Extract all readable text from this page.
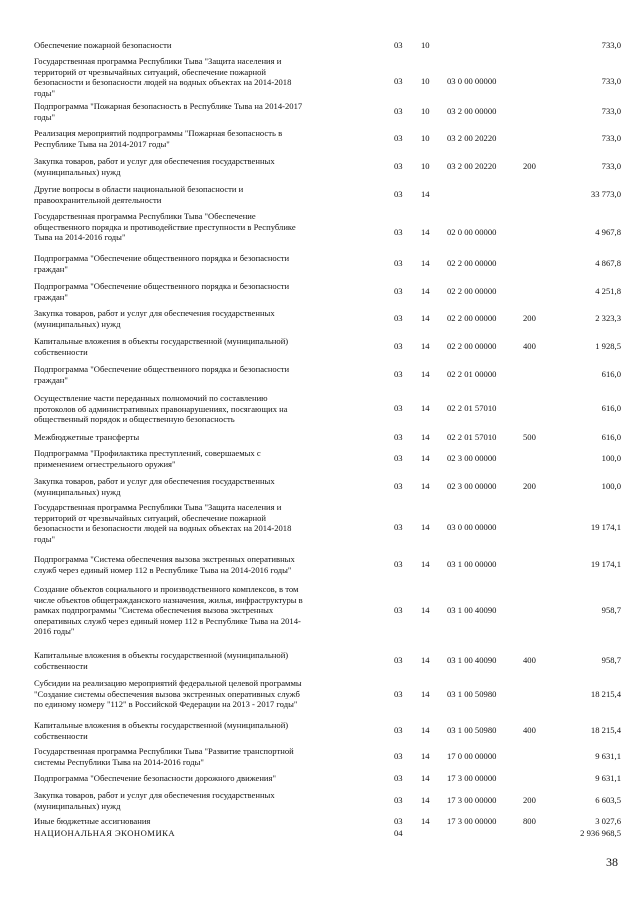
Обеспечение пожарной безопасности	03	10	733,0
Государственная программа Республики Тыва "Защита населения и
территорий от чрезвычайных ситуаций, обеспечение пожарной
безопасности и безопасности людей на водных объектах на 2014-2018
годы"
03	10	03 0 00 00000	733,0
Подпрограмма "Пожарная безопасность в Республике Тыва на 2014-2017
годы"
03	10	03 2 00 00000	733,0
Реализация мероприятий подпрограммы "Пожарная безопасность в
Республике Тыва на 2014-2017 годы"
03	10	03 2 00 20220	733,0
Закупка товаров, работ и услуг для обеспечения государственных
(муниципальных) нужд
03	10	03 2 00 20220	200	733,0
Другие вопросы в области национальной безопасности и
правоохранительной деятельности
03	14	33 773,0
Государственная программа Республики Тыва "Обеспечение
общественного порядка и противодействие преступности в Республике
Тыва на 2014-2016 годы"
03	14	02 0 00 00000	4 967,8
Подпрограмма "Обеспечение общественного порядка и безопасности
граждан"
03	14	02 2 00 00000	4 867,8
Подпрограмма "Обеспечение общественного порядка и безопасности
граждан"
03	14	02 2 00 00000	4 251,8
Закупка товаров, работ и услуг для обеспечения государственных
(муниципальных) нужд
03	14	02 2 00 00000	200	2 323,3
Капитальные вложения в объекты государственной (муниципальной)
собственности
03	14	02 2 00 00000	400	1 928,5
Подпрограмма "Обеспечение общественного порядка и безопасности
граждан"
03	14	02 2 01 00000	616,0
Осуществление части переданных полномочий по составлению
протоколов об административных правонарушениях, посягающих на
общественный порядок и общественную безопасность
03	14	02 2 01 57010	616,0
Межбюджетные трансферты	03	14	02 2 01 57010	500	616,0
Подпрограмма "Профилактика преступлений, совершаемых с
применением огнестрельного оружия"
03	14	02 3 00 00000	100,0
Закупка товаров, работ и услуг для обеспечения государственных
(муниципальных) нужд
03	14	02 3 00 00000	200	100,0
Государственная программа Республики Тыва "Защита населения и
территорий от чрезвычайных ситуаций, обеспечение пожарной
безопасности и безопасности людей на водных объектах на 2014-2018
годы"
03	14	03 0 00 00000	19 174,1
Подпрограмма "Система обеспечения вызова экстренных оперативных
служб через единый номер 112 в Республике Тыва на 2014-2016 годы"
03	14	03 1 00 00000	19 174,1
Создание объектов социального и производственного комплексов, в том
числе объектов общегражданского назначения, жилья, инфраструктуры в
рамках подпрограммы "Система обеспечения вызова экстренных
оперативных служб через единый номер 112 в Республике Тыва на 2014-
2016 годы"
03	14	03 1 00 40090	958,7
Капитальные вложения в объекты государственной (муниципальной)
собственности
03	14	03 1 00 40090	400	958,7
Субсидии на реализацию мероприятий федеральной целевой программы
"Создание системы обеспечения вызова экстренных оперативных служб
по единому номеру "112" в Российской Федерации на 2013 - 2017 годы"
03	14	03 1 00 50980	18 215,4
Капитальные вложения в объекты государственной (муниципальной)
собственности
03	14	03 1 00 50980	400	18 215,4
Государственная программа Республики Тыва "Развитие транспортной
системы Республики Тыва на 2014-2016 годы"
03	14	17 0 00 00000	9 631,1
Подпрограмма "Обеспечение безопасности дорожного движения"	03	14	17 3 00 00000	9 631,1
Закупка товаров, работ и услуг для обеспечения государственных
(муниципальных) нужд
03	14	17 3 00 00000	200	6 603,5
Иные бюджетные ассигнования	03	14	17 3 00 00000	800	3 027,6
НАЦИОНАЛЬНАЯ ЭКОНОМИКА	04	2 936 968,5
38
